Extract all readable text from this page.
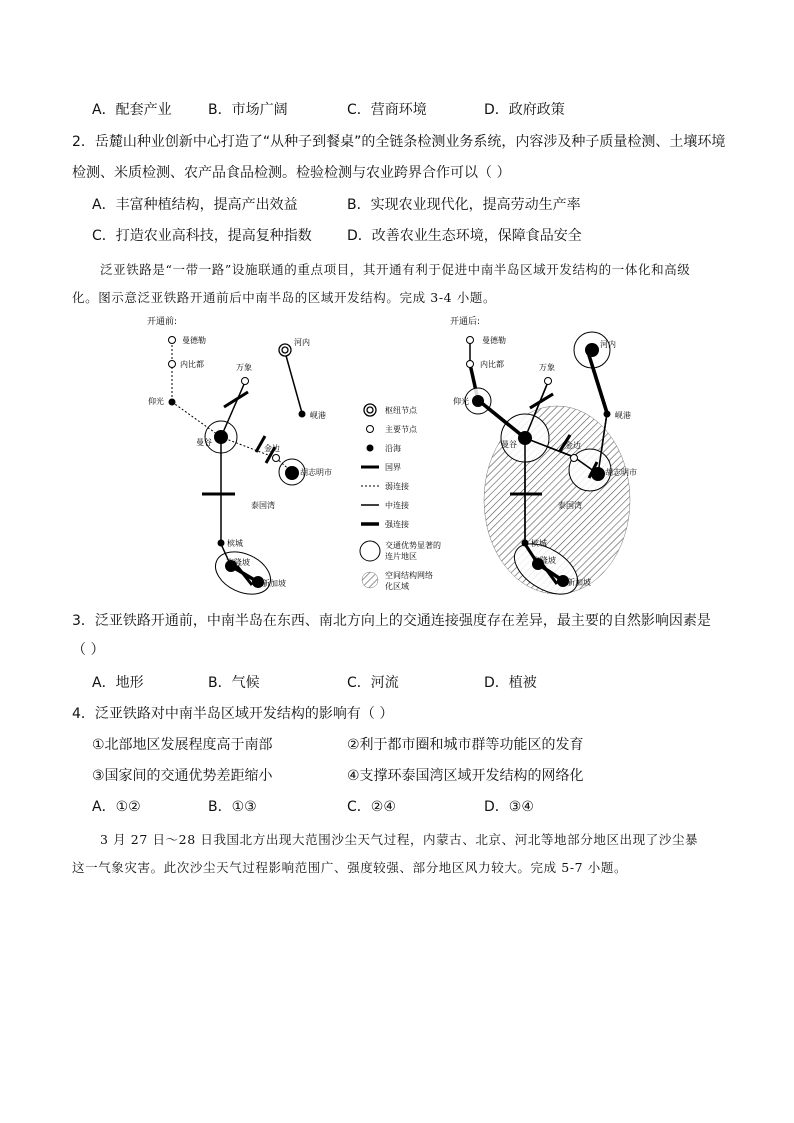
A．配套产业	B．市场广阔	C．营商环境	D．政府政策
2．岳麓山种业创新中心打造了“从种子到餐桌”的全链条检测业务系统，内容涉及种子质量检测、土壤环境
检测、米质检测、农产品食品检测。检验检测与农业跨界合作可以（ ）
A．丰富种植结构，提高产出效益	B．实现农业现代化，提高劳动生产率
C．打造农业高科技，提高复种指数	D．改善农业生态环境，保障食品安全
泛亚铁路是“一带一路”设施联通的重点项目，其开通有利于促进中南半岛区域开发结构的一体化和高级
化。图示意泛亚铁路开通前后中南半岛的区域开发结构。完成 3-4 小题。
开通前:
曼德勒
内比都
仰光
万象
河内
岘港
曼谷
金边
胡志明市
泰国湾
槟城
吉隆坡
新加坡
枢纽节点
主要节点
沿海
国界
弱连接
中连接
强连接
交通优势显著的连片地区
空间结构网络化区域
开通后:
曼德勒
内比都
仰光
万象
河内
岘港
曼谷	金边
胡志明市
泰国湾
槟城
吉隆坡
新加坡
3．泛亚铁路开通前，中南半岛在东西、南北方向上的交通连接强度存在差异，最主要的自然影响因素是
（ ）
A．地形	B．气候	C．河流	D．植被
4．泛亚铁路对中南半岛区域开发结构的影响有（ ）
①北部地区发展程度高于南部	②利于都市圈和城市群等功能区的发育
③国家间的交通优势差距缩小	④支撑环泰国湾区域开发结构的网络化
A．①②	B．①③	C．②④	D．③④
3 月 27 日～28 日我国北方出现大范围沙尘天气过程，内蒙古、北京、河北等地部分地区出现了沙尘暴
这一气象灾害。此次沙尘天气过程影响范围广、强度较强、部分地区风力较大。完成 5-7 小题。
